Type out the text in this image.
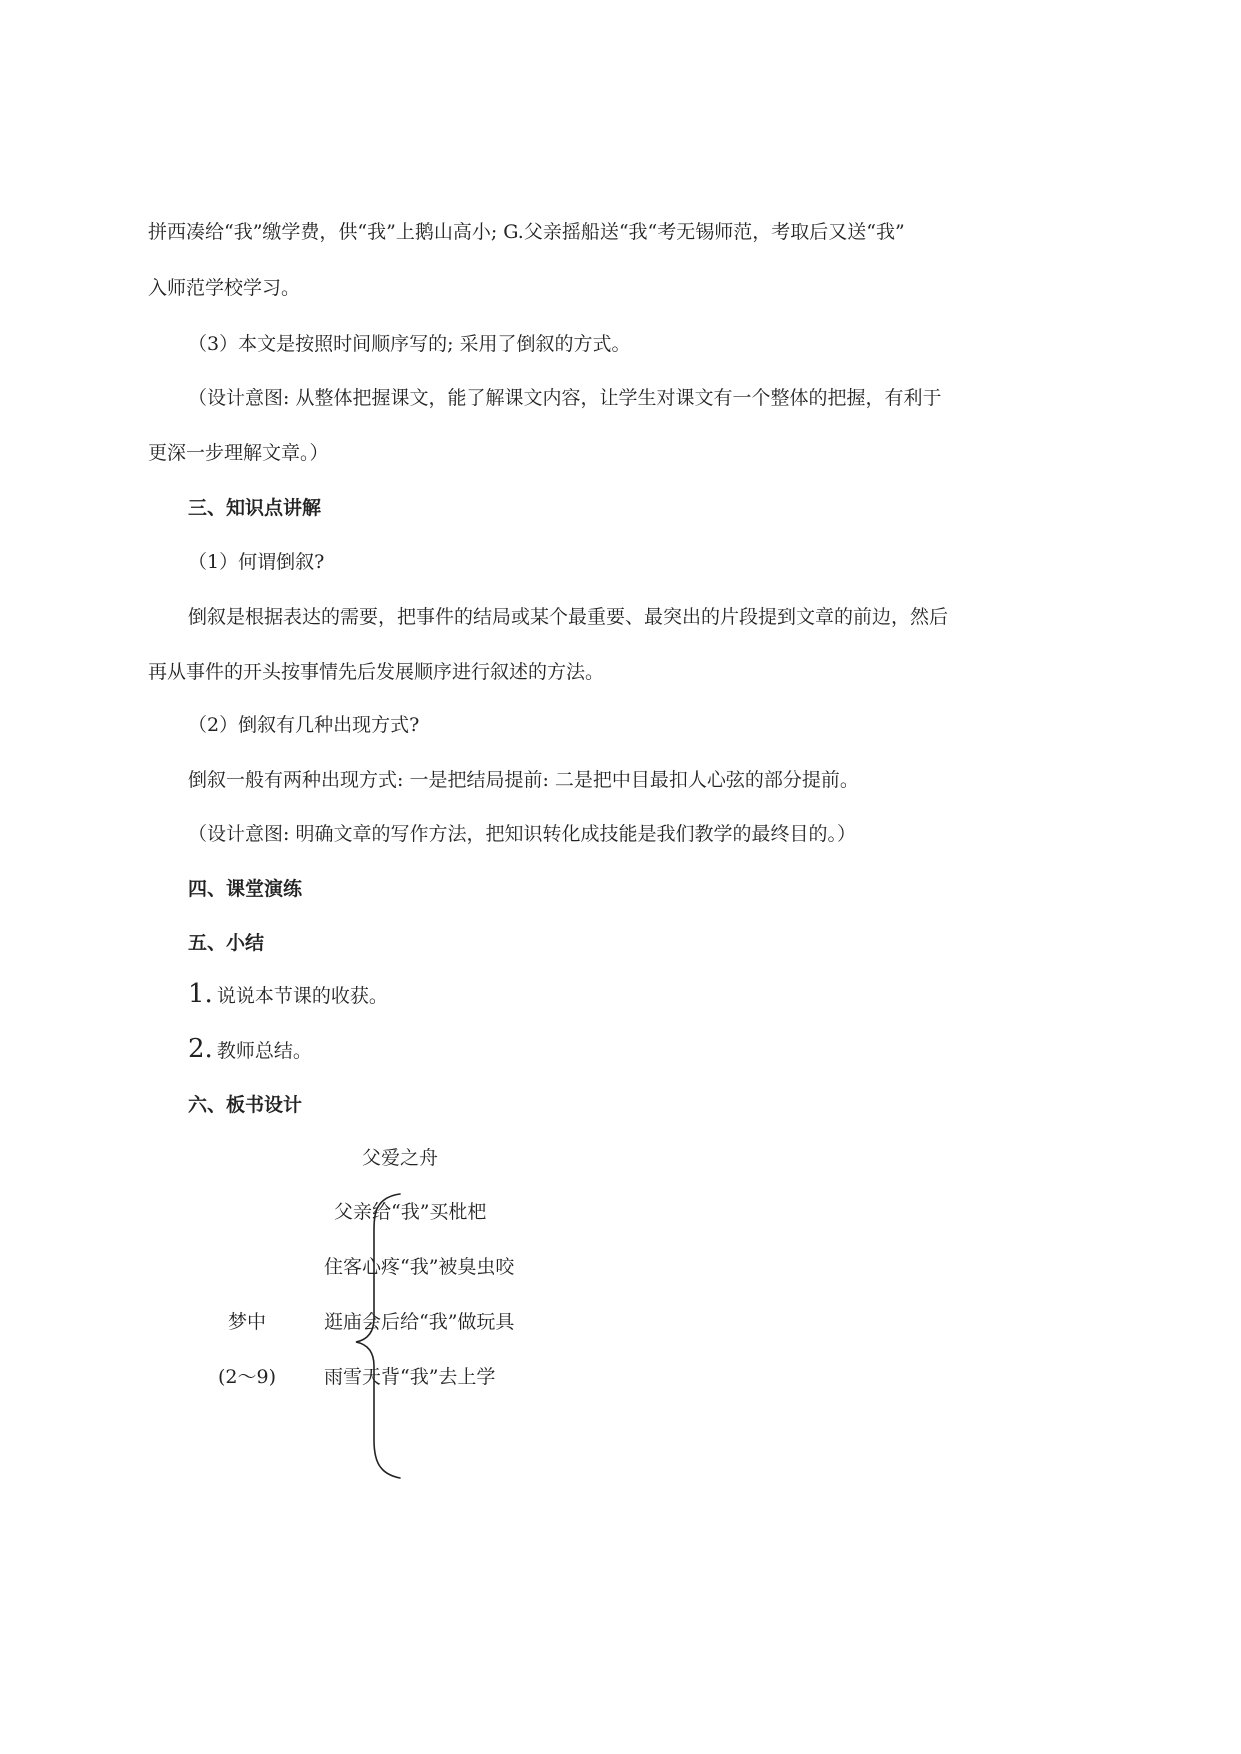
拼西凑给“我”缴学费，供“我”上鹅山高小; G.父亲摇船送“我“考无锡师范，考取后又送“我”
入师范学校学习。
（3）本文是按照时间顺序写的; 采用了倒叙的方式。
（设计意图: 从整体把握课文，能了解课文内容，让学生对课文有一个整体的把握，有利于
更深一步理解文章。）
三、知识点讲解
（1）何谓倒叙?
倒叙是根据表达的需要，把事件的结局或某个最重要、最突出的片段提到文章的前边，然后
再从事件的开头按事情先后发展顺序进行叙述的方法。
（2）倒叙有几种出现方式?
倒叙一般有两种出现方式: 一是把结局提前: 二是把中目最扣人心弦的部分提前。
（设计意图: 明确文章的写作方法，把知识转化成技能是我们教学的最终目的。）
四、课堂演练
五、小结
1. 说说本节课的收获。
2. 教师总结。
六、板书设计
父爱之舟
父亲给“我”买枇杷
住客心疼“我”被臭虫咬
逛庙会后给“我”做玩具
雨雪天背“我”去上学
梦中
(2～9)
